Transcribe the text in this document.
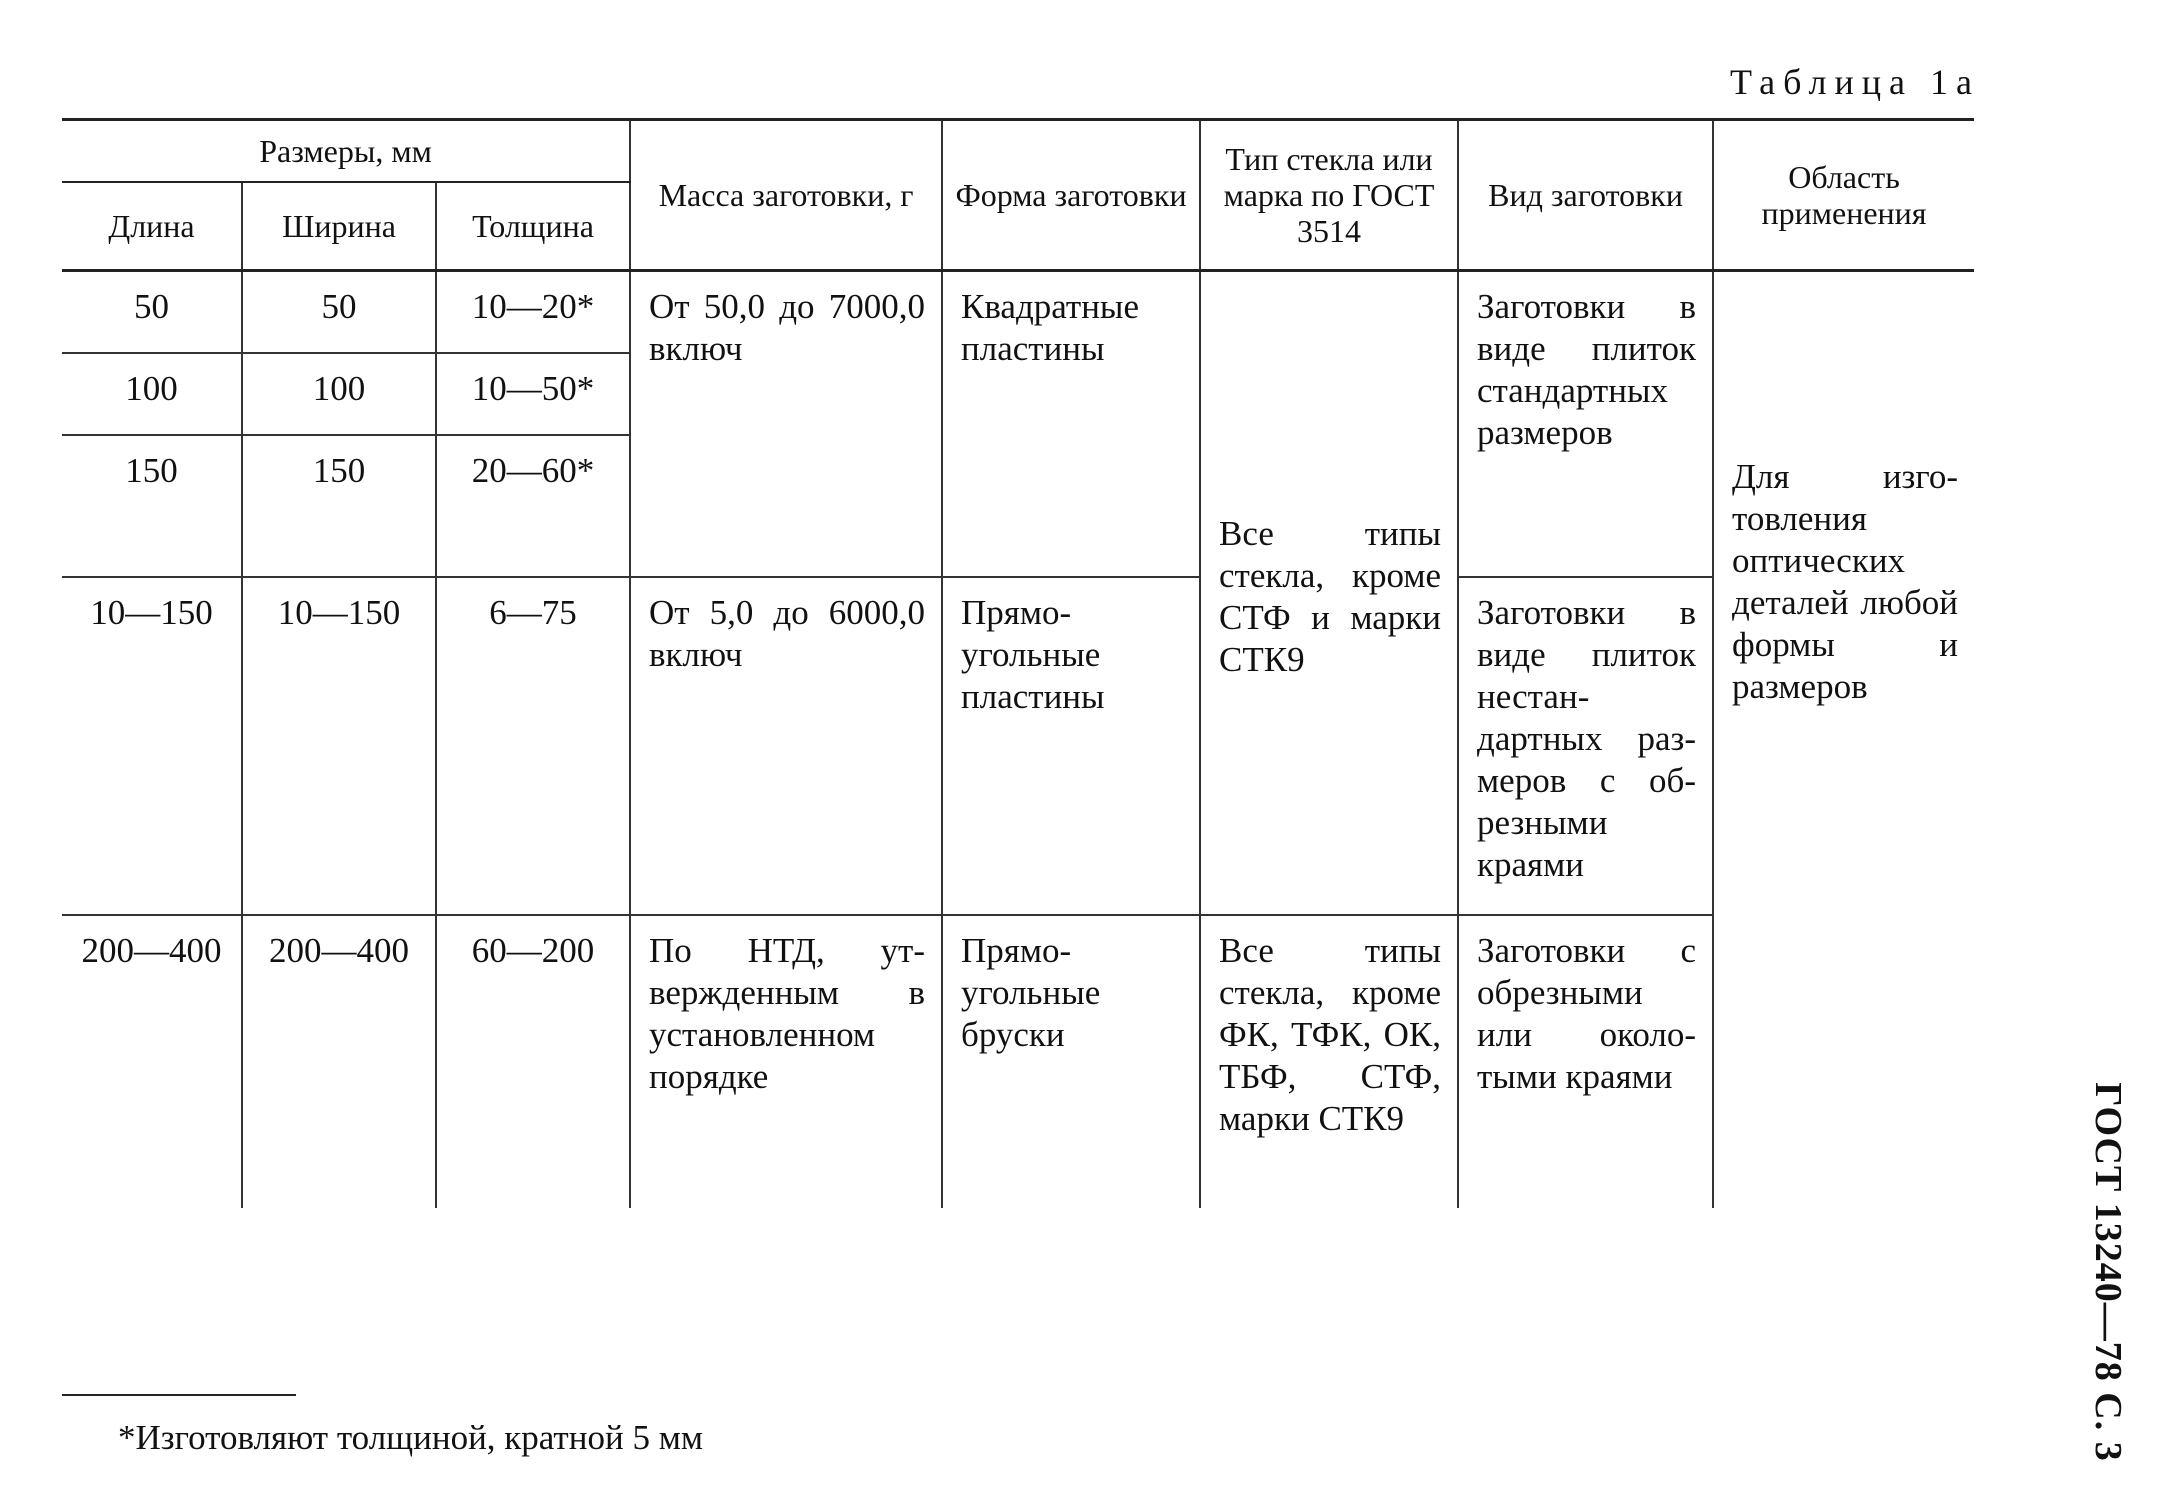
Таблица 1а
Размеры, мм			Масса заготовки, г	Форма заготовки	Тип стекла или марка по ГОСТ 3514	Вид заготовки	Область применения
Длина	Ширина	Толщина					
50	50	10—20*	От 50,0 до 7000,0 включ	Квадратные пластины	Все типы стекла, кроме СТФ и марки СТК9	Заготовки в виде плиток стандартных размеров	Для изготовления оптических деталей любой формы и размеров
100	100	10—50*					
150	150	20—60*					
10—150	10—150	6—75	От 5,0 до 6000,0 включ	Прямоугольные пластины		Заготовки в виде плиток нестандартных размеров с обрезными краями	
200—400	200—400	60—200	По НТД, утвержденным в установленном порядке	Прямоугольные бруски	Все типы стекла, кроме ФК, ТФК, ОК, ТБФ, СТФ, марки СТК9	Заготовки с обрезными или околотыми краями	
*Изготовляют толщиной, кратной 5 мм	ГОСТ 13240—78 С. 3
